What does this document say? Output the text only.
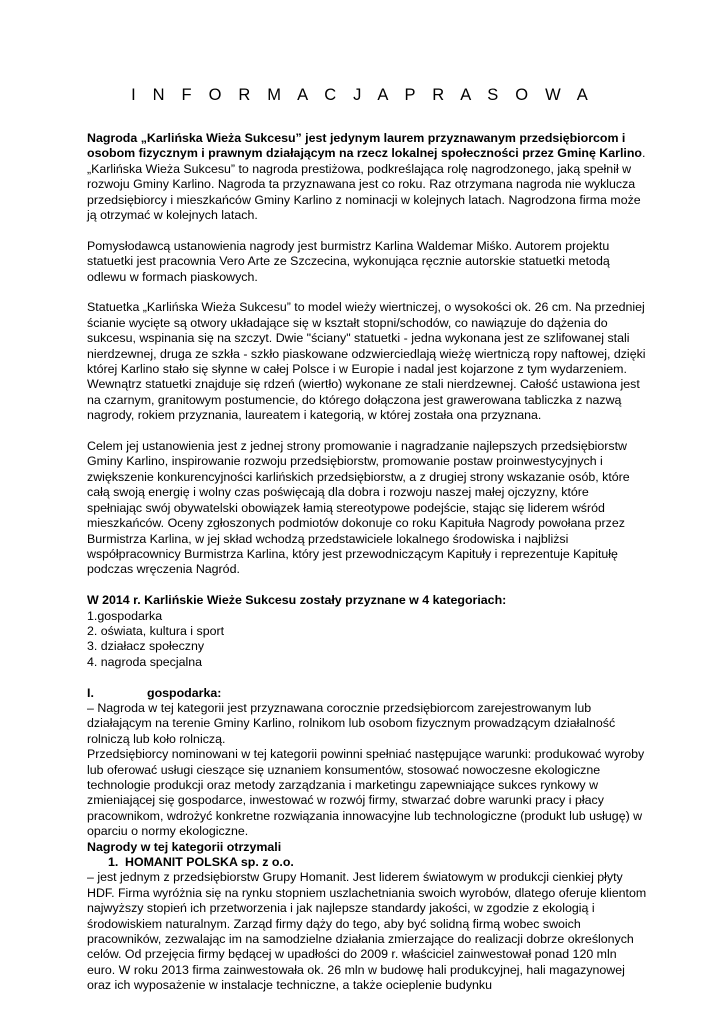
I N F O R M A C J A P R A S O W A

Nagroda „Karlińska Wieża Sukcesu” jest jedynym laurem przyznawanym przedsiębiorcom i osobom fizycznym i prawnym działającym na rzecz lokalnej społeczności przez Gminę Karlino.
„Karlińska Wieża Sukcesu” to nagroda prestiżowa, podkreślająca rolę nagrodzonego, jaką spełnił w rozwoju Gminy Karlino. Nagroda ta przyznawana jest co roku. Raz otrzymana nagroda nie wyklucza przedsiębiorcy i mieszkańców Gminy Karlino z nominacji w kolejnych latach. Nagrodzona firma może ją otrzymać w kolejnych latach.

Pomysłodawcą ustanowienia nagrody jest burmistrz Karlina Waldemar Miśko. Autorem projektu statuetki jest pracownia Vero Arte ze Szczecina, wykonująca ręcznie autorskie statuetki metodą odlewu w formach piaskowych.

Statuetka „Karlińska Wieża Sukcesu” to model wieży wiertniczej, o wysokości ok. 26 cm. Na przedniej ścianie wycięte są otwory układające się w kształt stopni/schodów, co nawiązuje do dążenia do sukcesu, wspinania się na szczyt. Dwie "ściany" statuetki - jedna wykonana jest ze szlifowanej stali nierdzewnej, druga ze szkła - szkło piaskowane odzwierciedlają wieżę wiertniczą ropy naftowej, dzięki której Karlino stało się słynne w całej Polsce i w Europie i nadal jest kojarzone z tym wydarzeniem. Wewnątrz statuetki znajduje się rdzeń (wiertło) wykonane ze stali nierdzewnej. Całość ustawiona jest na czarnym, granitowym postumencie, do którego dołączona jest grawerowana tabliczka z nazwą nagrody, rokiem przyznania, laureatem i kategorią, w której została ona przyznana.

Celem jej ustanowienia jest z jednej strony promowanie i nagradzanie najlepszych przedsiębiorstw Gminy Karlino, inspirowanie rozwoju przedsiębiorstw, promowanie postaw proinwestycyjnych i zwiększenie konkurencyjności karlińskich przedsiębiorstw, a z drugiej strony wskazanie osób, które całą swoją energię i wolny czas poświęcają dla dobra i rozwoju naszej małej ojczyzny, które spełniając swój obywatelski obowiązek łamią stereotypowe podejście, stając się liderem wśród mieszkańców. Oceny zgłoszonych podmiotów dokonuje co roku Kapituła Nagrody powołana przez Burmistrza Karlina, w jej skład wchodzą przedstawiciele lokalnego środowiska i najbliżsi współpracownicy Burmistrza Karlina, który jest przewodniczącym Kapituły i reprezentuje Kapitułę podczas wręczenia Nagród.

W 2014 r. Karlińskie Wieże Sukcesu zostały przyznane w 4 kategoriach:

1.gospodarka

2. oświata, kultura i sport

3. działacz społeczny

4. nagroda specjalna

I.	gospodarka:

– Nagroda w tej kategorii jest przyznawana corocznie przedsiębiorcom zarejestrowanym lub działającym na terenie Gminy Karlino, rolnikom lub osobom fizycznym prowadzącym działalność rolniczą lub koło rolniczą.

Przedsiębiorcy nominowani w tej kategorii powinni spełniać następujące warunki: produkować wyroby lub oferować usługi cieszące się uznaniem konsumentów, stosować nowoczesne ekologiczne technologie produkcji oraz metody zarządzania i marketingu zapewniające sukces rynkowy w zmieniającej się gospodarce, inwestować w rozwój firmy, stwarzać dobre warunki pracy i płacy pracownikom, wdrożyć konkretne rozwiązania innowacyjne lub technologiczne (produkt lub usługę) w oparciu o normy ekologiczne.

Nagrody w tej kategorii otrzymali

1. HOMANIT POLSKA sp. z o.o.

– jest jednym z przedsiębiorstw Grupy Homanit. Jest liderem światowym w produkcji cienkiej płyty HDF. Firma wyróżnia się na rynku stopniem uszlachetniania swoich wyrobów, dlatego oferuje klientom najwyższy stopień ich przetworzenia i jak najlepsze standardy jakości, w zgodzie z ekologią i środowiskiem naturalnym. Zarząd firmy dąży do tego, aby być solidną firmą wobec swoich pracowników, zezwalając im na samodzielne działania zmierzające do realizacji dobrze określonych celów. Od przejęcia firmy będącej w upadłości do 2009 r. właściciel zainwestował ponad 120 mln euro. W roku 2013 firma zainwestowała ok. 26 mln w budowę hali produkcyjnej, hali magazynowej oraz ich wyposażenie w instalacje techniczne, a także ocieplenie budynku
